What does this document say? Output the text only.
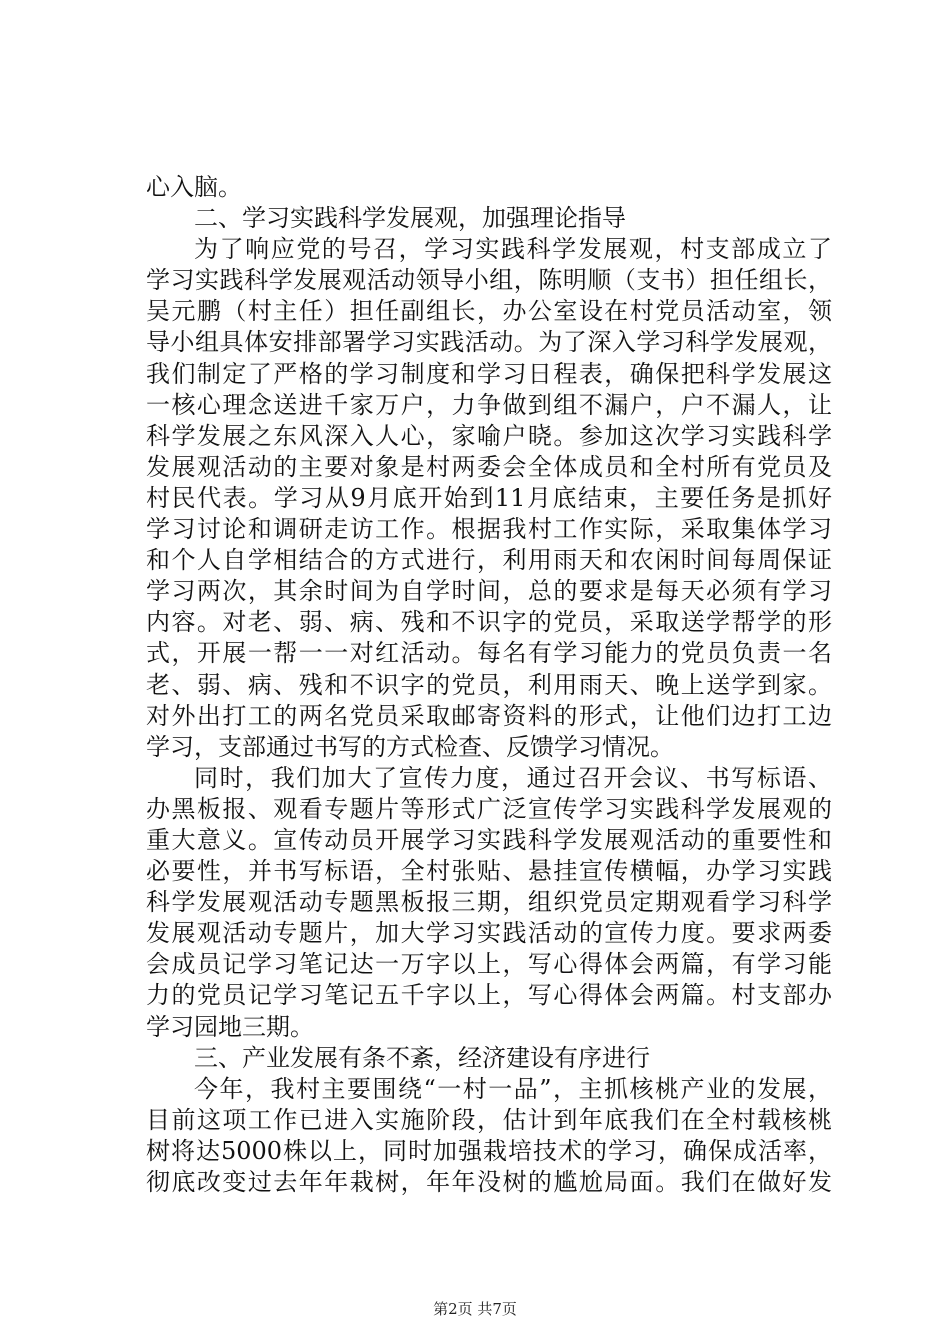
心入脑。
二、学习实践科学发展观，加强理论指导
为了响应党的号召，学习实践科学发展观，村支部成立了
学习实践科学发展观活动领导小组，陈明顺（支书）担任组长，
吴元鹏（村主任）担任副组长，办公室设在村党员活动室，领
导小组具体安排部署学习实践活动。为了深入学习科学发展观，
我们制定了严格的学习制度和学习日程表，确保把科学发展这
一核心理念送进千家万户，力争做到组不漏户，户不漏人，让
科学发展之东风深入人心，家喻户晓。参加这次学习实践科学
发展观活动的主要对象是村两委会全体成员和全村所有党员及
村民代表。学习从9月底开始到11月底结束，主要任务是抓好
学习讨论和调研走访工作。根据我村工作实际，采取集体学习
和个人自学相结合的方式进行，利用雨天和农闲时间每周保证
学习两次，其余时间为自学时间，总的要求是每天必须有学习
内容。对老、弱、病、残和不识字的党员，采取送学帮学的形
式，开展一帮一一对红活动。每名有学习能力的党员负责一名
老、弱、病、残和不识字的党员，利用雨天、晚上送学到家。
对外出打工的两名党员采取邮寄资料的形式，让他们边打工边
学习，支部通过书写的方式检查、反馈学习情况。
同时，我们加大了宣传力度，通过召开会议、书写标语、
办黑板报、观看专题片等形式广泛宣传学习实践科学发展观的
重大意义。宣传动员开展学习实践科学发展观活动的重要性和
必要性，并书写标语，全村张贴、悬挂宣传横幅，办学习实践
科学发展观活动专题黑板报三期，组织党员定期观看学习科学
发展观活动专题片，加大学习实践活动的宣传力度。要求两委
会成员记学习笔记达一万字以上，写心得体会两篇，有学习能
力的党员记学习笔记五千字以上，写心得体会两篇。村支部办
学习园地三期。
三、产业发展有条不紊，经济建设有序进行
今年，我村主要围绕“一村一品”，主抓核桃产业的发展，
目前这项工作已进入实施阶段，估计到年底我们在全村载核桃
树将达5000株以上，同时加强栽培技术的学习，确保成活率，
彻底改变过去年年栽树，年年没树的尴尬局面。我们在做好发
第2页 共7页
